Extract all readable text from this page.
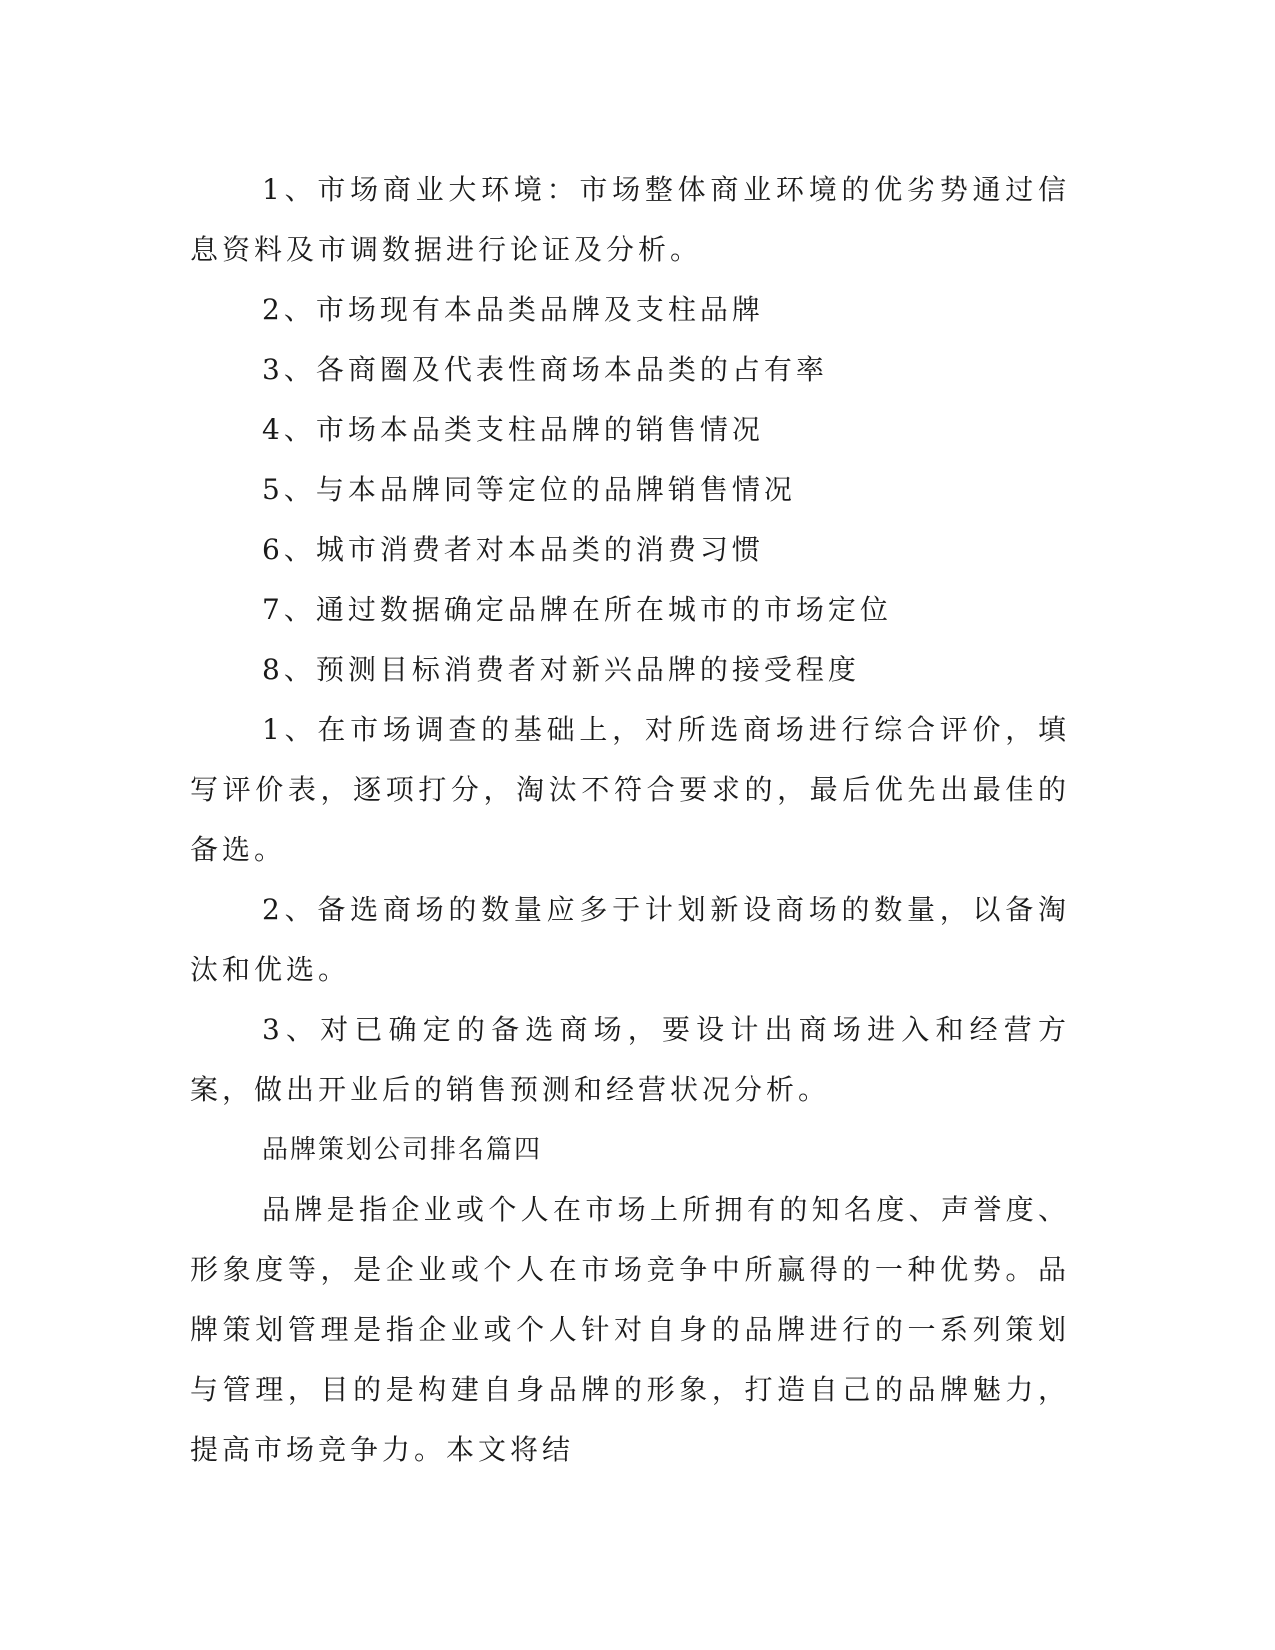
1、市场商业大环境：市场整体商业环境的优劣势通过信息资料及市调数据进行论证及分析。

2、市场现有本品类品牌及支柱品牌

3、各商圈及代表性商场本品类的占有率

4、市场本品类支柱品牌的销售情况

5、与本品牌同等定位的品牌销售情况

6、城市消费者对本品类的消费习惯

7、通过数据确定品牌在所在城市的市场定位

8、预测目标消费者对新兴品牌的接受程度

1、在市场调查的基础上，对所选商场进行综合评价，填写评价表，逐项打分，淘汰不符合要求的，最后优先出最佳的备选。

2、备选商场的数量应多于计划新设商场的数量，以备淘汰和优选。

3、对已确定的备选商场，要设计出商场进入和经营方案，做出开业后的销售预测和经营状况分析。

品牌策划公司排名篇四

品牌是指企业或个人在市场上所拥有的知名度、声誉度、形象度等，是企业或个人在市场竞争中所赢得的一种优势。品牌策划管理是指企业或个人针对自身的品牌进行的一系列策划与管理，目的是构建自身品牌的形象，打造自己的品牌魅力，提高市场竞争力。本文将结
